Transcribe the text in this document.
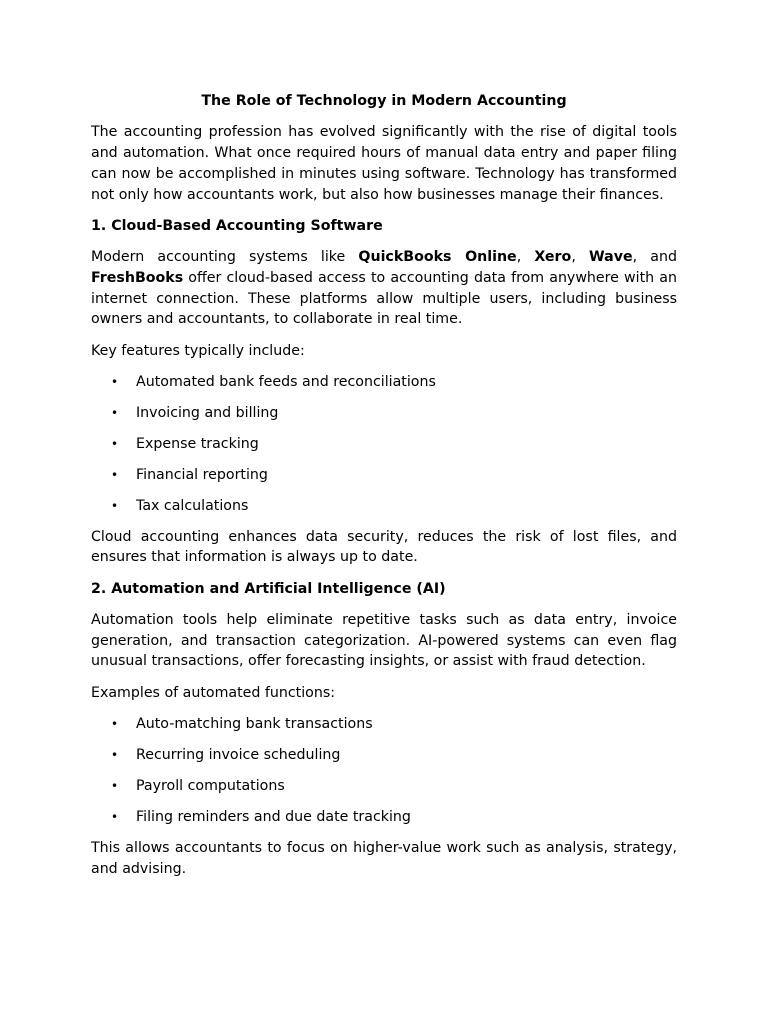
The Role of Technology in Modern Accounting

The accounting profession has evolved significantly with the rise of digital tools and automation. What once required hours of manual data entry and paper filing can now be accomplished in minutes using software. Technology has transformed not only how accountants work, but also how businesses manage their finances.

1. Cloud-Based Accounting Software

Modern accounting systems like QuickBooks Online, Xero, Wave, and FreshBooks offer cloud-based access to accounting data from anywhere with an internet connection. These platforms allow multiple users, including business owners and accountants, to collaborate in real time.

Key features typically include:

• Automated bank feeds and reconciliations
• Invoicing and billing
• Expense tracking
• Financial reporting
• Tax calculations

Cloud accounting enhances data security, reduces the risk of lost files, and ensures that information is always up to date.

2. Automation and Artificial Intelligence (AI)

Automation tools help eliminate repetitive tasks such as data entry, invoice generation, and transaction categorization. AI-powered systems can even flag unusual transactions, offer forecasting insights, or assist with fraud detection.

Examples of automated functions:

• Auto-matching bank transactions
• Recurring invoice scheduling
• Payroll computations
• Filing reminders and due date tracking

This allows accountants to focus on higher-value work such as analysis, strategy, and advising.
